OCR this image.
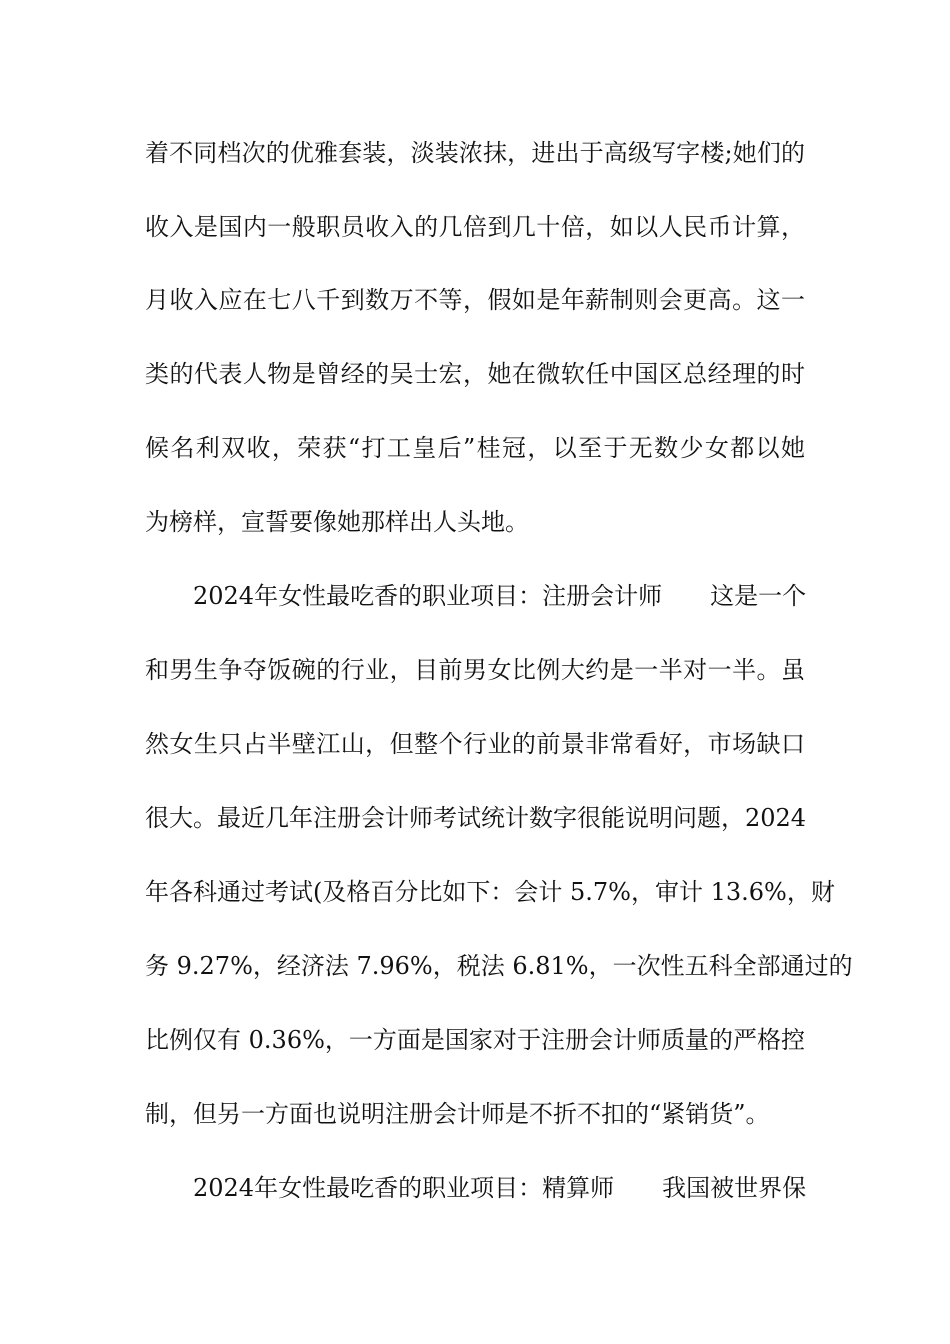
着不同档次的优雅套装，淡装浓抹，进出于高级写字楼;她们的
收入是国内一般职员收入的几倍到几十倍，如以人民币计算，
月收入应在七八千到数万不等，假如是年薪制则会更高。这一
类的代表人物是曾经的吴士宏，她在微软任中国区总经理的时
候名利双收，荣获“打工皇后”桂冠，以至于无数少女都以她
为榜样，宣誓要像她那样出人头地。
2024年女性最吃香的职业项目：注册会计师　　这是一个
和男生争夺饭碗的行业，目前男女比例大约是一半对一半。虽
然女生只占半壁江山，但整个行业的前景非常看好，市场缺口
很大。最近几年注册会计师考试统计数字很能说明问题，2024
年各科通过考试(及格百分比如下：会计 5.7%，审计 13.6%，财
务 9.27%，经济法 7.96%，税法 6.81%，一次性五科全部通过的
比例仅有 0.36%，一方面是国家对于注册会计师质量的严格控
制，但另一方面也说明注册会计师是不折不扣的“紧销货”。
2024年女性最吃香的职业项目：精算师　　我国被世界保
